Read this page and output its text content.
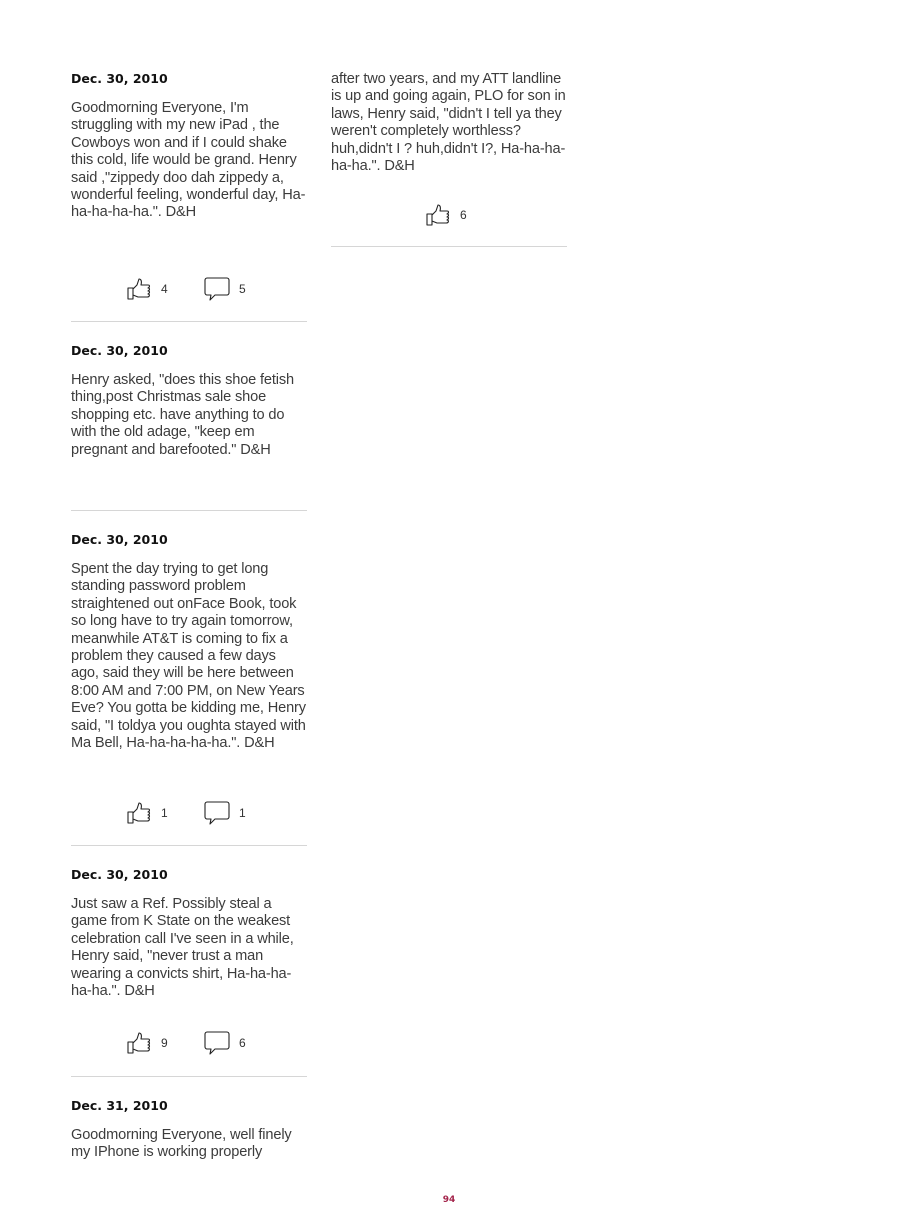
Dec. 30, 2010

Goodmorning Everyone, I'm struggling with my new iPad , the Cowboys won and if I could shake this cold, life would be grand. Henry said ,"zippedy doo dah zippedy a, wonderful feeling, wonderful day, Ha-ha-ha-ha-ha.". D&H

4	5

Dec. 30, 2010

Henry asked, "does this shoe fetish thing,post Christmas sale shoe shopping etc. have anything to do with the old adage, "keep em pregnant and barefooted." D&H

Dec. 30, 2010

Spent the day trying to get long standing password problem straightened out onFace Book, took so long have to try again tomorrow, meanwhile AT&T is coming to fix a problem they caused a few days ago, said they will be here between 8:00 AM and 7:00 PM, on New Years Eve? You gotta be kidding me, Henry said, "I toldya you oughta stayed with Ma Bell, Ha-ha-ha-ha-ha.". D&H

1	1

Dec. 30, 2010

Just saw a Ref. Possibly steal a game from K State on the weakest celebration call I've seen in a while, Henry said, "never trust a man wearing a convicts shirt, Ha-ha-ha-ha-ha.". D&H

9	6

Dec. 31, 2010

Goodmorning Everyone, well finely my IPhone is working properly

after two years, and my ATT landline is up and going again, PLO for son in laws, Henry said, "didn't I tell ya they weren't completely worthless? huh,didn't I ? huh,didn't I?, Ha-ha-ha-ha-ha.". D&H

6
94
